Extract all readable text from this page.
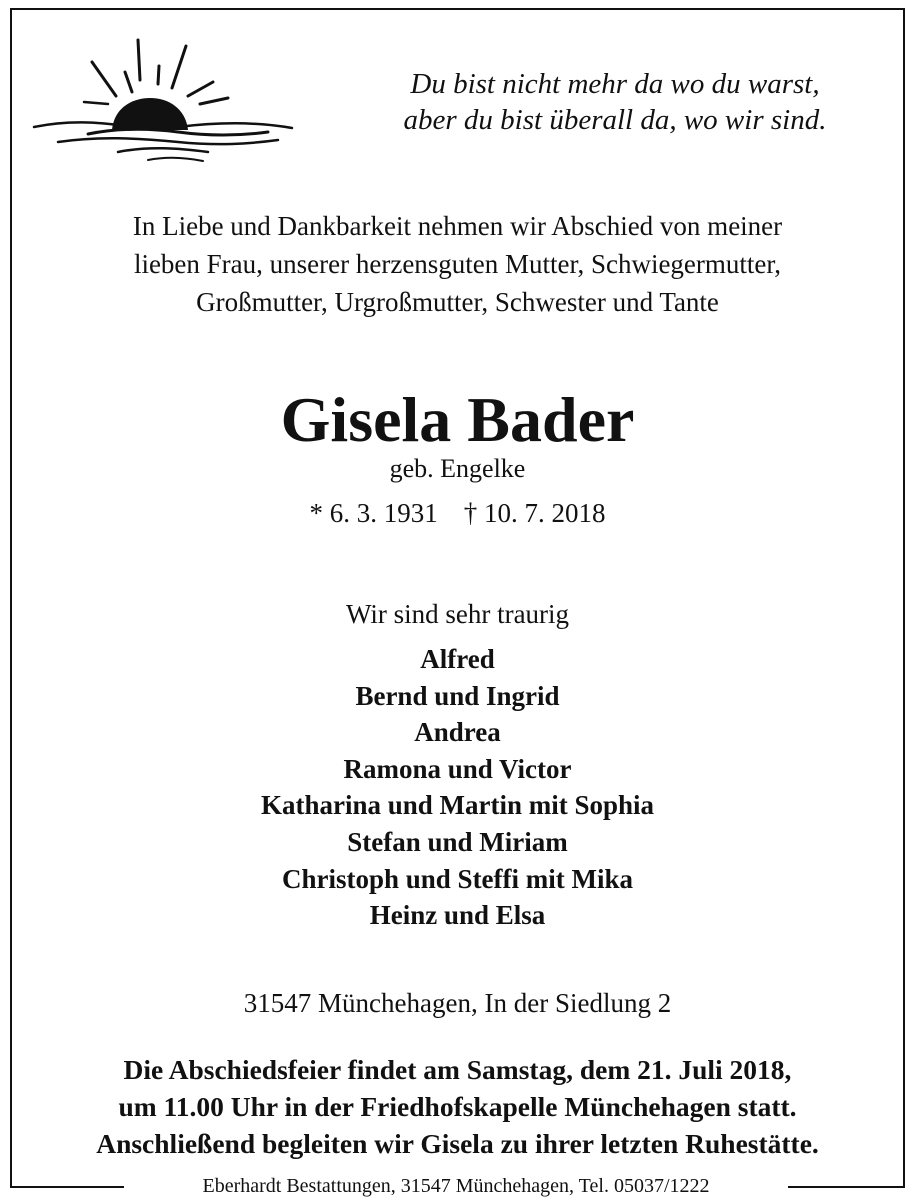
Du bist nicht mehr da wo du warst,
aber du bist überall da, wo wir sind.
In Liebe und Dankbarkeit nehmen wir Abschied von meiner
lieben Frau, unserer herzensguten Mutter, Schwiegermutter,
Großmutter, Urgroßmutter, Schwester und Tante
Gisela Bader
geb. Engelke
* 6. 3. 1931 † 10. 7. 2018
Wir sind sehr traurig
Alfred
Bernd und Ingrid
Andrea
Ramona und Victor
Katharina und Martin mit Sophia
Stefan und Miriam
Christoph und Steffi mit Mika
Heinz und Elsa
31547 Münchehagen, In der Siedlung 2
Die Abschiedsfeier findet am Samstag, dem 21. Juli 2018,
um 11.00 Uhr in der Friedhofskapelle Münchehagen statt.
Anschließend begleiten wir Gisela zu ihrer letzten Ruhestätte.
Eberhardt Bestattungen, 31547 Münchehagen, Tel. 05037/1222
